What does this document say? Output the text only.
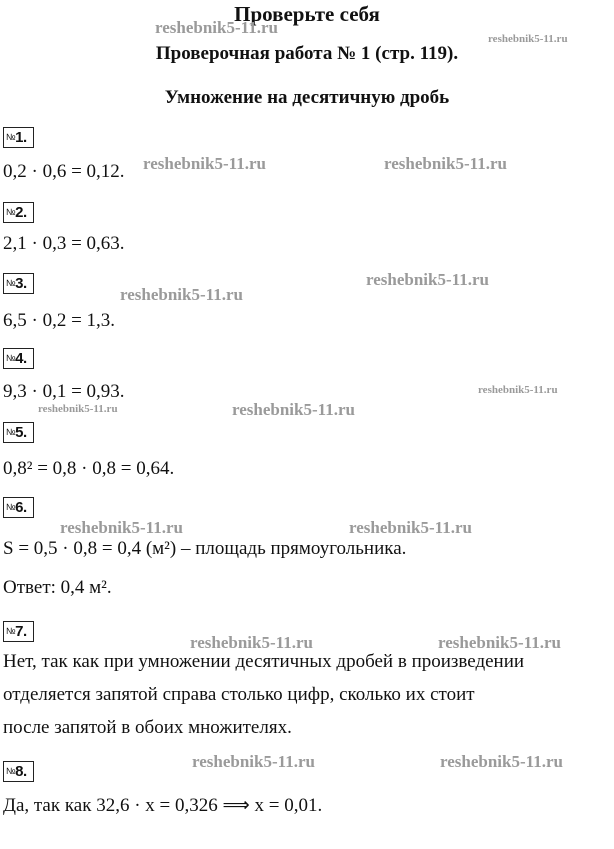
Проверьте себя
Проверочная работа № 1 (стр. 119).
Умножение на десятичную дробь
№1.
0,2 · 0,6 = 0,12.
№2.
2,1 · 0,3 = 0,63.
№3.
6,5 · 0,2 = 1,3.
№4.
9,3 · 0,1 = 0,93.
№5.
0,8² = 0,8 · 0,8 = 0,64.
№6.
S = 0,5 · 0,8 = 0,4 (м²) – площадь прямоугольника.
Ответ: 0,4 м².
№7.
Нет, так как при умножении десятичных дробей в произведении
отделяется запятой справа столько цифр, сколько их стоит
после запятой в обоих множителях.
№8.
Да, так как 32,6 · x = 0,326 ⟹ x = 0,01.
reshebnik5-11.ru
reshebnik5-11.ru
reshebnik5-11.ru	reshebnik5-11.ru
reshebnik5-11.ru
reshebnik5-11.ru
reshebnik5-11.ru
reshebnik5-11.ru	reshebnik5-11.ru
reshebnik5-11.ru	reshebnik5-11.ru
reshebnik5-11.ru	reshebnik5-11.ru
reshebnik5-11.ru	reshebnik5-11.ru
